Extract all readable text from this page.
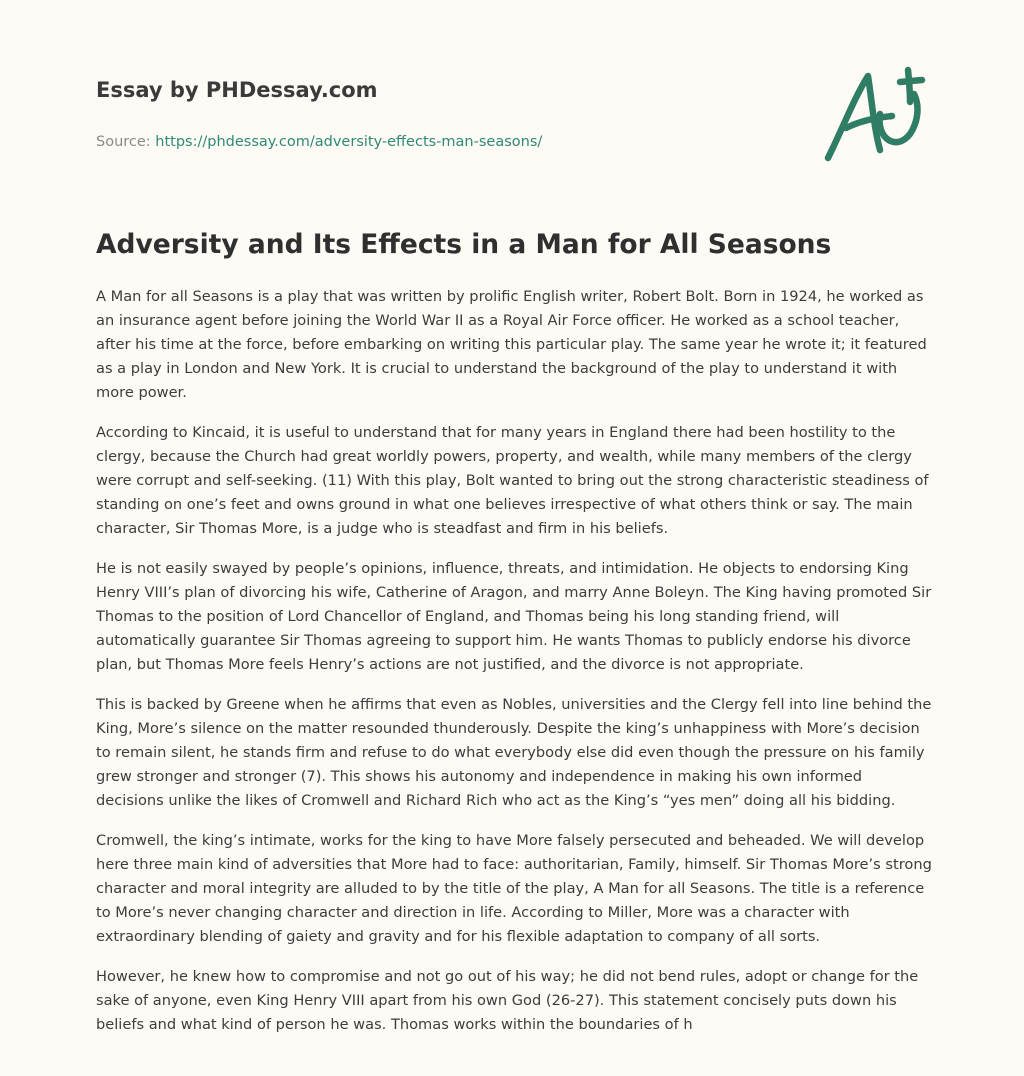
Essay by PHDessay.com
Source: https://phdessay.com/adversity-effects-man-seasons/
Adversity and Its Effects in a Man for All Seasons

A Man for all Seasons is a play that was written by prolific English writer, Robert Bolt. Born in 1924, he worked as an insurance agent before joining the World War II as a Royal Air Force officer. He worked as a school teacher, after his time at the force, before embarking on writing this particular play. The same year he wrote it; it featured as a play in London and New York. It is crucial to understand the background of the play to understand it with more power.

According to Kincaid, it is useful to understand that for many years in England there had been hostility to the clergy, because the Church had great worldly powers, property, and wealth, while many members of the clergy were corrupt and self-seeking. (11) With this play, Bolt wanted to bring out the strong characteristic steadiness of standing on one’s feet and owns ground in what one believes irrespective of what others think or say. The main character, Sir Thomas More, is a judge who is steadfast and firm in his beliefs.

He is not easily swayed by people’s opinions, influence, threats, and intimidation. He objects to endorsing King Henry VIII’s plan of divorcing his wife, Catherine of Aragon, and marry Anne Boleyn. The King having promoted Sir Thomas to the position of Lord Chancellor of England, and Thomas being his long standing friend, will automatically guarantee Sir Thomas agreeing to support him. He wants Thomas to publicly endorse his divorce plan, but Thomas More feels Henry’s actions are not justified, and the divorce is not appropriate.

This is backed by Greene when he affirms that even as Nobles, universities and the Clergy fell into line behind the King, More’s silence on the matter resounded thunderously. Despite the king’s unhappiness with More’s decision to remain silent, he stands firm and refuse to do what everybody else did even though the pressure on his family grew stronger and stronger (7). This shows his autonomy and independence in making his own informed decisions unlike the likes of Cromwell and Richard Rich who act as the King’s “yes men” doing all his bidding.

Cromwell, the king’s intimate, works for the king to have More falsely persecuted and beheaded. We will develop here three main kind of adversities that More had to face: authoritarian, Family, himself. Sir Thomas More’s strong character and moral integrity are alluded to by the title of the play, A Man for all Seasons. The title is a reference to More’s never changing character and direction in life. According to Miller, More was a character with extraordinary blending of gaiety and gravity and for his flexible adaptation to company of all sorts.

However, he knew how to compromise and not go out of his way; he did not bend rules, adopt or change for the sake of anyone, even King Henry VIII apart from his own God (26-27). This statement concisely puts down his beliefs and what kind of person he was. Thomas works within the boundaries of h
